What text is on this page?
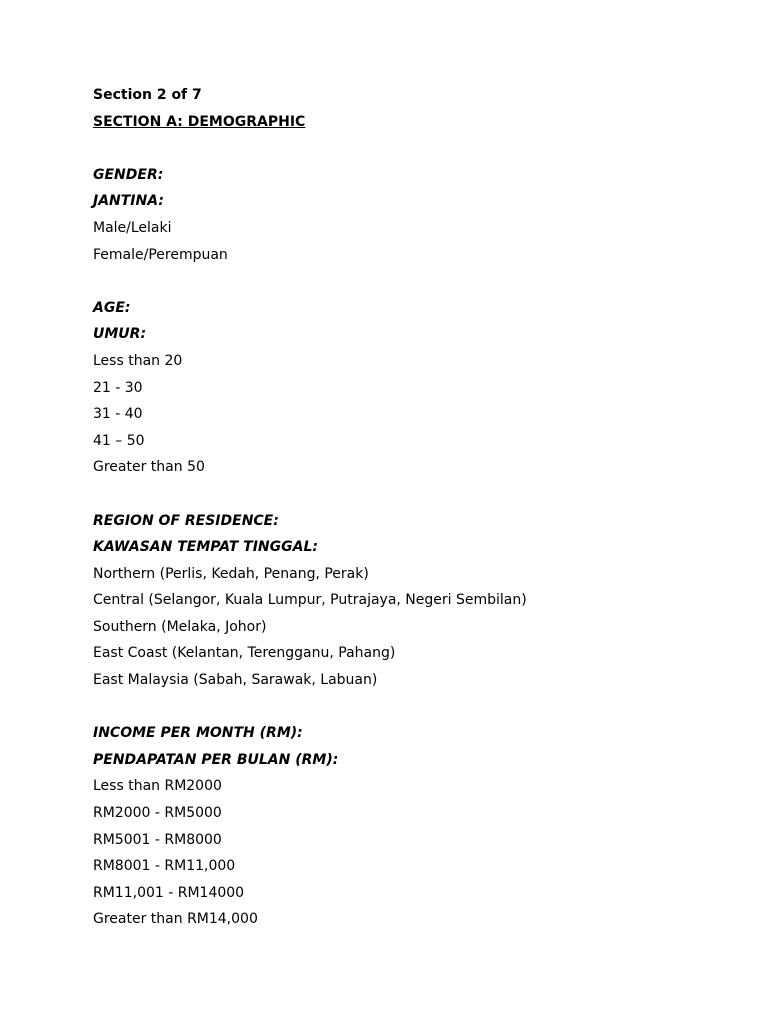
Section 2 of 7
SECTION A: DEMOGRAPHIC
GENDER:
JANTINA:
Male/Lelaki
Female/Perempuan
AGE:
UMUR:
Less than 20
21 - 30
31 - 40
41 – 50
Greater than 50
REGION OF RESIDENCE:
KAWASAN TEMPAT TINGGAL:
Northern (Perlis, Kedah, Penang, Perak)
Central (Selangor, Kuala Lumpur, Putrajaya, Negeri Sembilan)
Southern (Melaka, Johor)
East Coast (Kelantan, Terengganu, Pahang)
East Malaysia (Sabah, Sarawak, Labuan)
INCOME PER MONTH (RM):
PENDAPATAN PER BULAN (RM):
Less than RM2000
RM2000 - RM5000
RM5001 - RM8000
RM8001 - RM11,000
RM11,001 - RM14000
Greater than RM14,000
